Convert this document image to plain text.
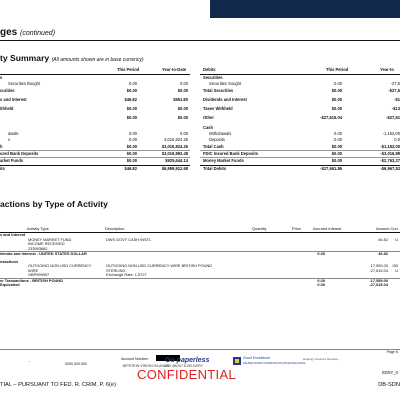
ges (continued)
ty Summary (All amounts shown are in base currency)
This Period	Year-to-Date
s
Securities Bought	0.00	0.00
curities	$0.00	$0.00
s and Interest	$46.82	$551.80
ithheld	$0.00	$0.00
$0.00	$0.00
awals	0.00	0.00
s	0.00	3,016,824.26
h	$0.00	$3,016,824.26
ured Bank Deposits	$0.00	$3,016,892.48
arket Funds	$0.00	$925,644.14
its	$46.82	$6,959,912.68
Debits	This Period	Year-to
Securities
Securities Sought	0.00	-27,5
Total Securities	$0.00	-$27,5
Dividends and Interest	$0.00	-$1
Taxes Withheld	$0.00	-$13
Other	-$27,615.04	-$27,61
Cash
Withdrawals	0.00	-1,152,00
Deposits	0.00	0.0
Total Cash	$0.00	-$1,152,00
FDIC Insured Bank Deposits	$0.00	-$3,016,89
Money Market Funds	$0.00	-$2,763,27
Total Debits	-$27,661.86	-$6,967,52
actions by Type of Activity
Activity Type	Description	Quantity	Price	Accrued Interest	Amount Curr
s and Interest
MONEY MARKET FUND	DWS GOVT CASH INSTL	46.82 U
INCOME RECEIVED
233993682
idends and Interest - UNITED STATES DOLLAR	0.00	46.82
nsactions
OUTGOING NON USD CURRENCY	OUTGOING NON USD CURRENCY WIRE BRITISH POUND	-17,559.00 GB
WIRE	STERLING	-27,615.04 U
GBP999997	Exchange Rate: 1.5727
er Transactions - BRITISH POUND	0.00	-17,559.00
Equivalent	0.00	-27,615.04
Page 6
...
0000.000.000
Account Number:
JEPSTEIN VIRGIN ISLANDS
Go paperless
ASK ABOUT E-DELIVERY
Good Excellence
DALBAR RATED COMMUNICATIONS EXCELLENCE
Helping Investors Develop...
SDNY_0
CONFIDENTIAL
TIAL – PURSUANT TO FED. R. CRIM. P. 6(e)	DB-SDN
